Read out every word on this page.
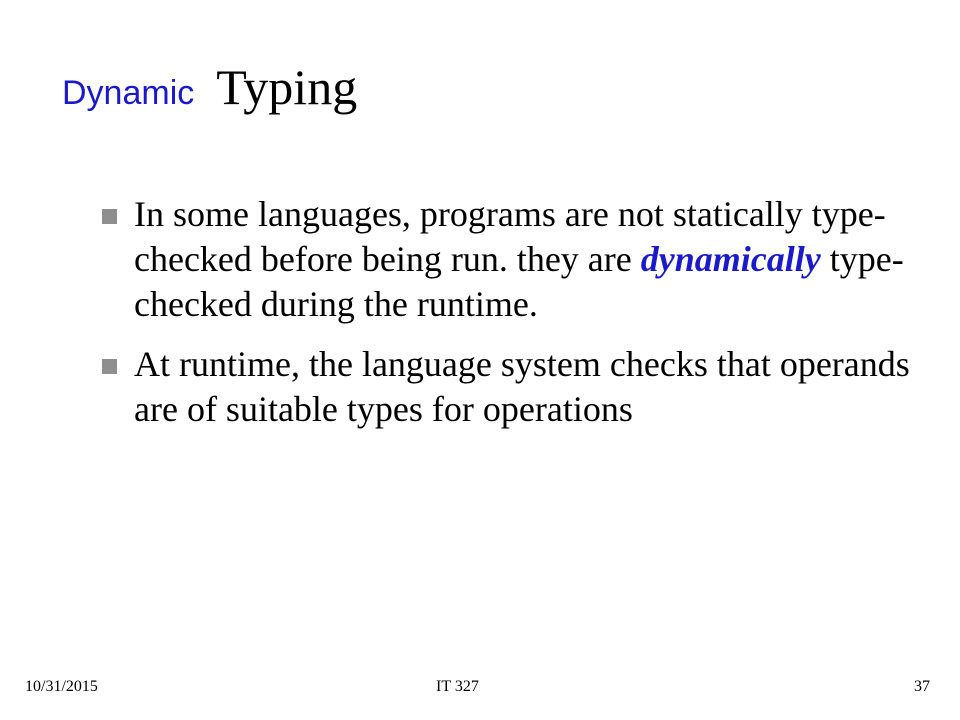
Dynamic Typing
In some languages, programs are not statically type-checked before being run. they are dynamically type-checked during the runtime.
At runtime, the language system checks that operands are of suitable types for operations
10/31/2015	IT 327	37
